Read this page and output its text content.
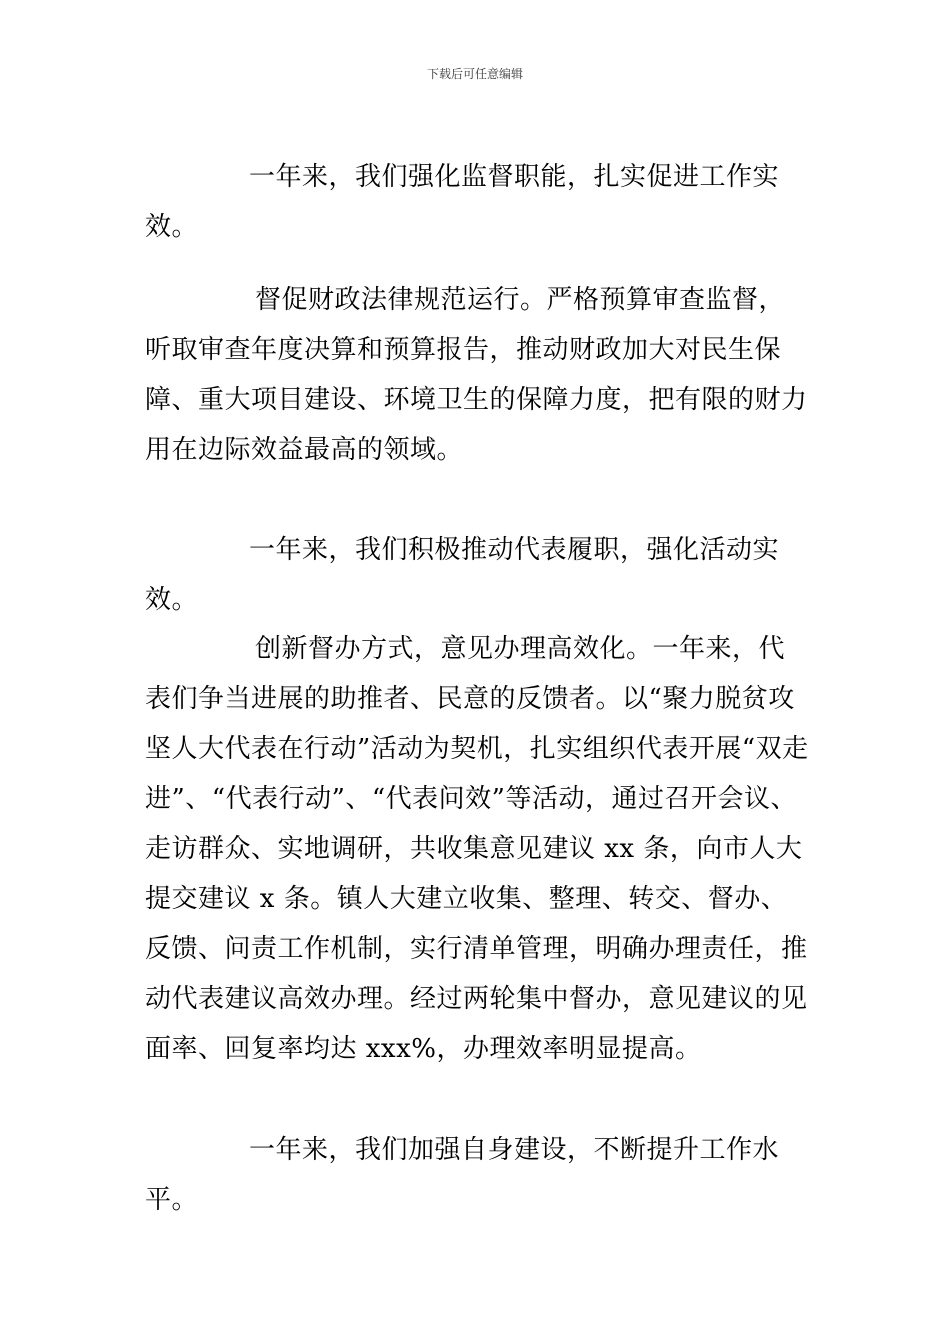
下载后可任意编辑

一年来，我们强化监督职能，扎实促进工作实效。

督促财政法律规范运行。严格预算审查监督，听取审查年度决算和预算报告，推动财政加大对民生保障、重大项目建设、环境卫生的保障力度，把有限的财力用在边际效益最高的领域。

一年来，我们积极推动代表履职，强化活动实效。

创新督办方式，意见办理高效化。一年来，代表们争当进展的助推者、民意的反馈者。以“聚力脱贫攻坚人大代表在行动”活动为契机，扎实组织代表开展“双走进”、“代表行动”、“代表问效”等活动，通过召开会议、走访群众、实地调研，共收集意见建议 xx 条，向市人大提交建议 x 条。镇人大建立收集、整理、转交、督办、反馈、问责工作机制，实行清单管理，明确办理责任，推动代表建议高效办理。经过两轮集中督办，意见建议的见面率、回复率均达 xxx%，办理效率明显提高。

一年来，我们加强自身建设，不断提升工作水平。
